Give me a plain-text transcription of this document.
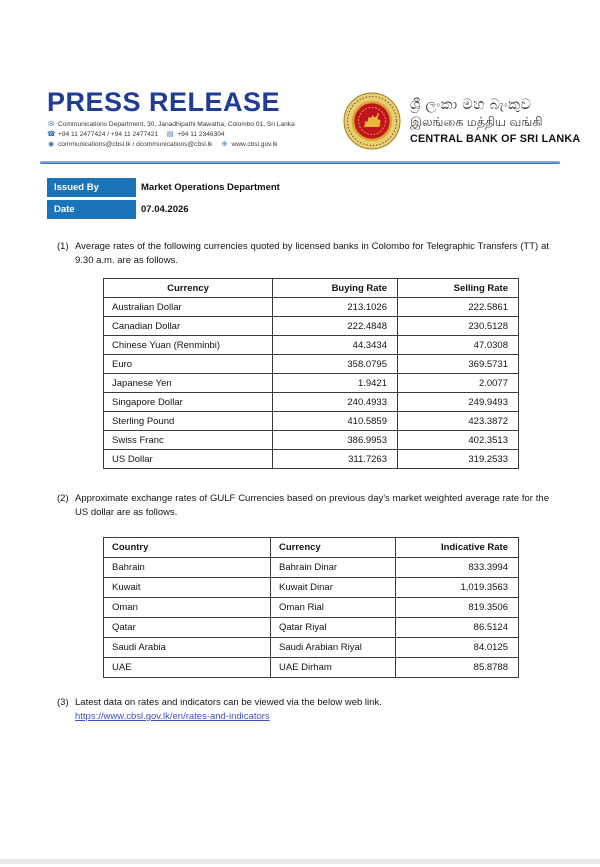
PRESS RELEASE
✉ Communications Department, 30, Janadhipathi Mawatha, Colombo 01, Sri Lanka
☎ +94 11 2477424 / +94 11 2477421 ▤ +94 11 2346304
◉ communications@cbsl.lk / dcommunications@cbsl.lk ⊕ www.cbsl.gov.lk
ශ්‍රී ලංකා මහ බැංකුව
இலங்கை மத்திய வங்கி
CENTRAL BANK OF SRI LANKA
Issued By	Market Operations Department
Date	07.04.2026
(1) Average rates of the following currencies quoted by licensed banks in Colombo for Telegraphic Transfers (TT) at 9.30 a.m. are as follows.
Currency	Buying Rate	Selling Rate
Australian Dollar	213.1026	222.5861
Canadian Dollar	222.4848	230.5128
Chinese Yuan (Renminbi)	44.3434	47.0308
Euro	358.0795	369.5731
Japanese Yen	1.9421	2.0077
Singapore Dollar	240.4933	249.9493
Sterling Pound	410.5859	423.3872
Swiss Franc	386.9953	402.3513
US Dollar	311.7263	319.2533
(2) Approximate exchange rates of GULF Currencies based on previous day's market weighted average rate for the US dollar are as follows.
Country	Currency	Indicative Rate
Bahrain	Bahrain Dinar	833.3994
Kuwait	Kuwait Dinar	1,019.3563
Oman	Oman Rial	819.3506
Qatar	Qatar Riyal	86.5124
Saudi Arabia	Saudi Arabian Riyal	84.0125
UAE	UAE Dirham	85.8788
(3) Latest data on rates and indicators can be viewed via the below web link.
https://www.cbsl.gov.lk/en/rates-and-indicators
